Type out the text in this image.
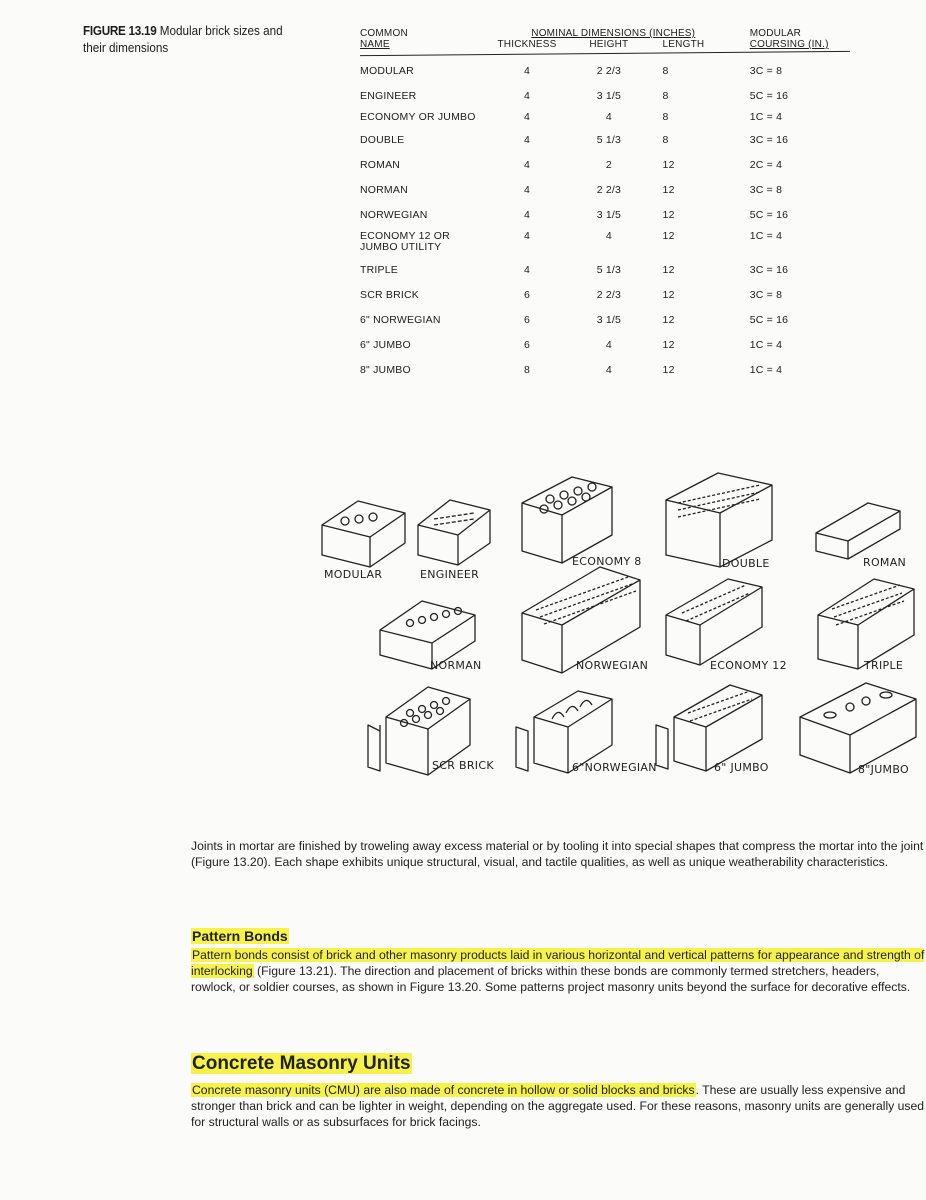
FIGURE 13.19 Modular brick sizes and their dimensions
COMMON	NOMINAL DIMENSIONS (INCHES)			MODULAR
NAME	THICKNESS	HEIGHT	LENGTH	COURSING (IN.)
MODULAR	4	2 2/3	8	3C = 8
ENGINEER	4	3 1/5	8	5C = 16
ECONOMY OR JUMBO	4	4	8	1C = 4
DOUBLE	4	5 1/3	8	3C = 16
ROMAN	4	2	12	2C = 4
NORMAN	4	2 2/3	12	3C = 8
NORWEGIAN	4	3 1/5	12	5C = 16
ECONOMY 12 OR JUMBO UTILITY	4	4	12	1C = 4
TRIPLE	4	5 1/3	12	3C = 16
SCR BRICK	6	2 2/3	12	3C = 8
6" NORWEGIAN	6	3 1/5	12	5C = 16
6" JUMBO	6	4	12	1C = 4
8" JUMBO	8	4	12	1C = 4
MODULAR	ENGINEER
ECONOMY 8	DOUBLE	ROMAN
NORMAN	NORWEGIAN	ECONOMY 12	TRIPLE
SCR BRICK	6"NORWEGIAN	6" JUMBO	8"JUMBO

Joints in mortar are finished by troweling away excess material or by tooling it into special shapes that compress the mortar into the joint (Figure 13.20). Each shape exhibits unique structural, visual, and tactile qualities, as well as unique weatherability characteristics.

Pattern Bonds
Pattern bonds consist of brick and other masonry products laid in various horizontal and vertical patterns for appearance and strength of interlocking (Figure 13.21). The direction and placement of bricks within these bonds are commonly termed stretchers, headers, rowlock, or soldier courses, as shown in Figure 13.20. Some patterns project masonry units beyond the surface for decorative effects.
Concrete Masonry Units
Concrete masonry units (CMU) are also made of concrete in hollow or solid blocks and bricks. These are usually less expensive and stronger than brick and can be lighter in weight, depending on the aggregate used. For these reasons, masonry units are generally used for structural walls or as subsurfaces for brick facings.
